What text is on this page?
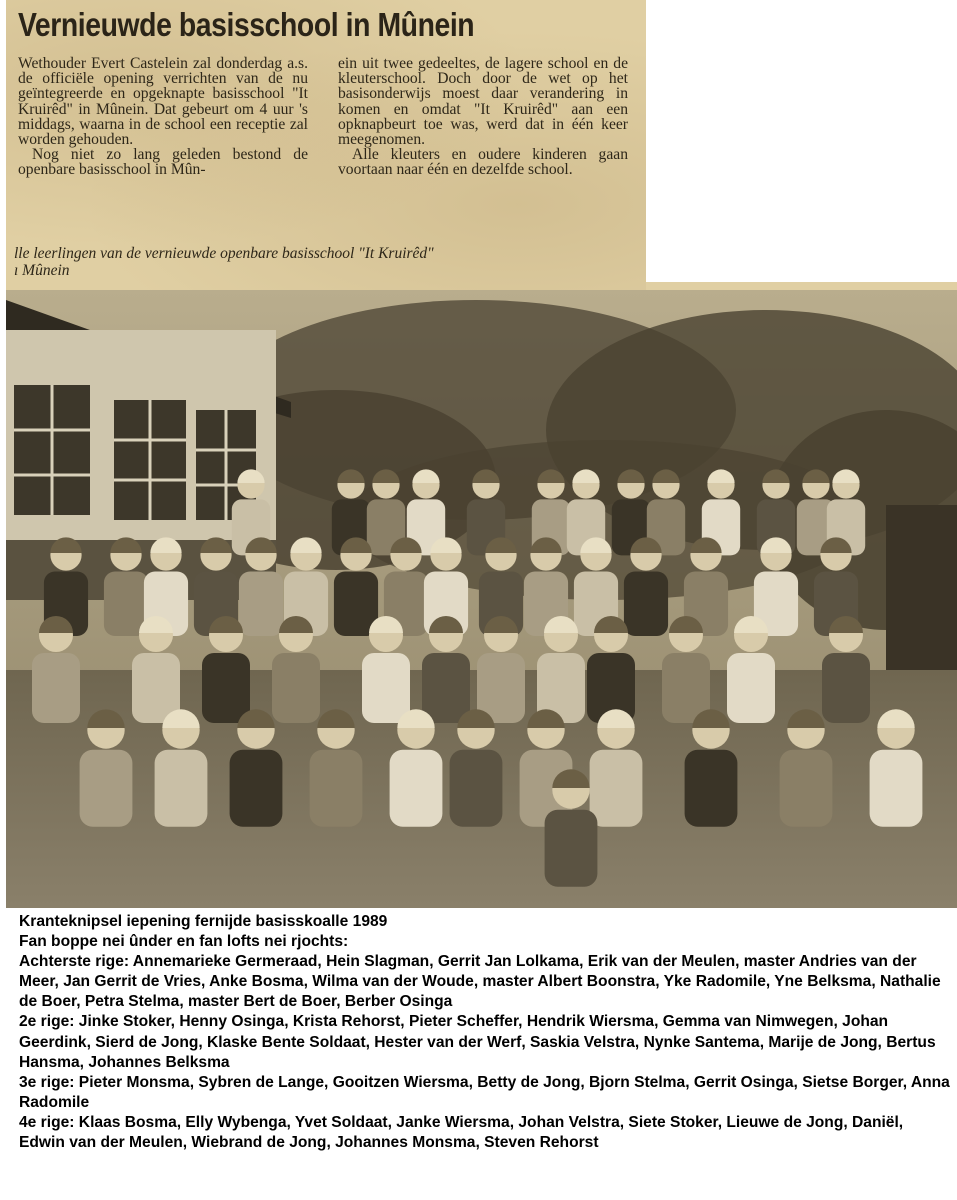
Vernieuwde basisschool in Mûnein

Wethouder Evert Castelein zal donderdag a.s. de officiële opening verrichten van de nu geïntegreerde en opgeknapte basisschool "It Kruirêd" in Mûnein. Dat gebeurt om 4 uur 's middags, waarna in de school een receptie zal worden gehouden.

Nog niet zo lang geleden bestond de openbare basisschool in Mûn-

ein uit twee gedeeltes, de lagere school en de kleuterschool. Doch door de wet op het basisonderwijs moest daar verandering in komen en omdat "It Kruirêd" aan een opknapbeurt toe was, werd dat in één keer meegenomen.

Alle kleuters en oudere kinderen gaan voortaan naar één en dezelfde school.

lle leerlingen van de vernieuwde openbare basisschool "It Kruirêd"
ı Mûnein
Kranteknipsel iepening fernijde basisskoalle 1989
Fan boppe nei ûnder en fan lofts nei rjochts:
Achterste rige: Annemarieke Germeraad, Hein Slagman, Gerrit Jan Lolkama, Erik van der Meulen, master Andries van der Meer, Jan Gerrit de Vries, Anke Bosma, Wilma van der Woude, master Albert Boonstra, Yke Radomile, Yne Belksma, Nathalie de Boer, Petra Stelma, master Bert de Boer, Berber Osinga
2e rige: Jinke Stoker, Henny Osinga, Krista Rehorst, Pieter Scheffer, Hendrik Wiersma, Gemma van Nimwegen, Johan Geerdink, Sierd de Jong, Klaske Bente Soldaat, Hester van der Werf, Saskia Velstra, Nynke Santema, Marije de Jong, Bertus Hansma, Johannes Belksma
3e rige: Pieter Monsma, Sybren de Lange, Gooitzen Wiersma, Betty de Jong, Bjorn Stelma, Gerrit Osinga, Sietse Borger, Anna Radomile
4e rige: Klaas Bosma, Elly Wybenga, Yvet Soldaat, Janke Wiersma, Johan Velstra, Siete Stoker, Lieuwe de Jong, Daniël, Edwin van der Meulen, Wiebrand de Jong, Johannes Monsma, Steven Rehorst
